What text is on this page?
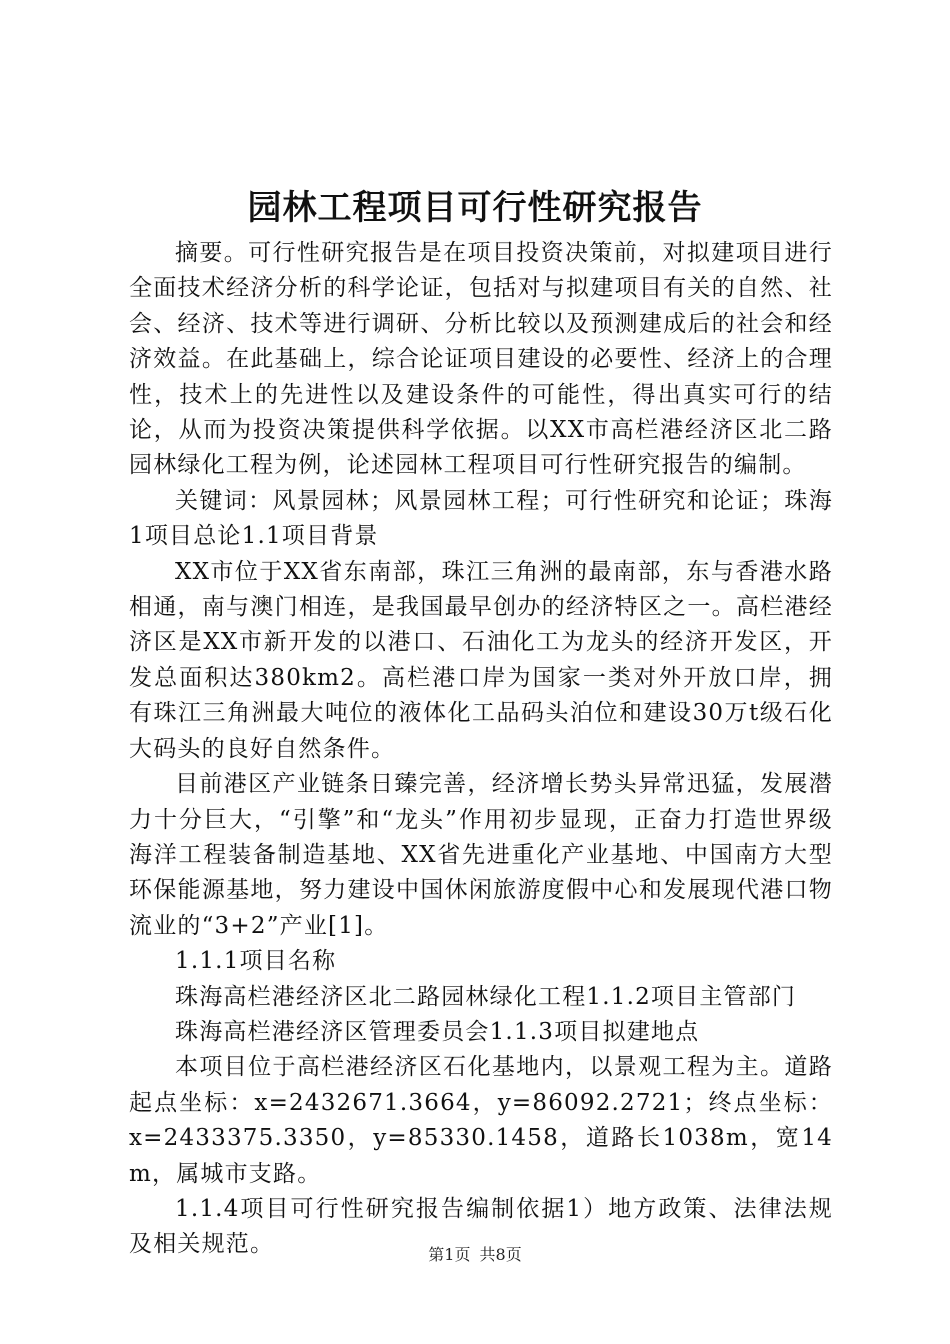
园林工程项目可行性研究报告

摘要。可行性研究报告是在项目投资决策前，对拟建项目进行全面技术经济分析的科学论证，包括对与拟建项目有关的自然、社会、经济、技术等进行调研、分析比较以及预测建成后的社会和经济效益。在此基础上，综合论证项目建设的必要性、经济上的合理性，技术上的先进性以及建设条件的可能性，得出真实可行的结论，从而为投资决策提供科学依据。以XX市高栏港经济区北二路园林绿化工程为例，论述园林工程项目可行性研究报告的编制。

关键词：风景园林；风景园林工程；可行性研究和论证；珠海1项目总论1.1项目背景

XX市位于XX省东南部，珠江三角洲的最南部，东与香港水路相通，南与澳门相连，是我国最早创办的经济特区之一。高栏港经济区是XX市新开发的以港口、石油化工为龙头的经济开发区，开发总面积达380km2。高栏港口岸为国家一类对外开放口岸，拥有珠江三角洲最大吨位的液体化工品码头泊位和建设30万t级石化大码头的良好自然条件。

目前港区产业链条日臻完善，经济增长势头异常迅猛，发展潜力十分巨大，“引擎”和“龙头”作用初步显现，正奋力打造世界级海洋工程装备制造基地、XX省先进重化产业基地、中国南方大型环保能源基地，努力建设中国休闲旅游度假中心和发展现代港口物流业的“3+2”产业[1]。

1.1.1项目名称

珠海高栏港经济区北二路园林绿化工程1.1.2项目主管部门

珠海高栏港经济区管理委员会1.1.3项目拟建地点

本项目位于高栏港经济区石化基地内，以景观工程为主。道路起点坐标：x=2432671.3664，y=86092.2721；终点坐标：x=2433375.3350，y=85330.1458，道路长1038m，宽14m，属城市支路。

1.1.4项目可行性研究报告编制依据1）地方政策、法律法规及相关规范。	第1页 共8页
